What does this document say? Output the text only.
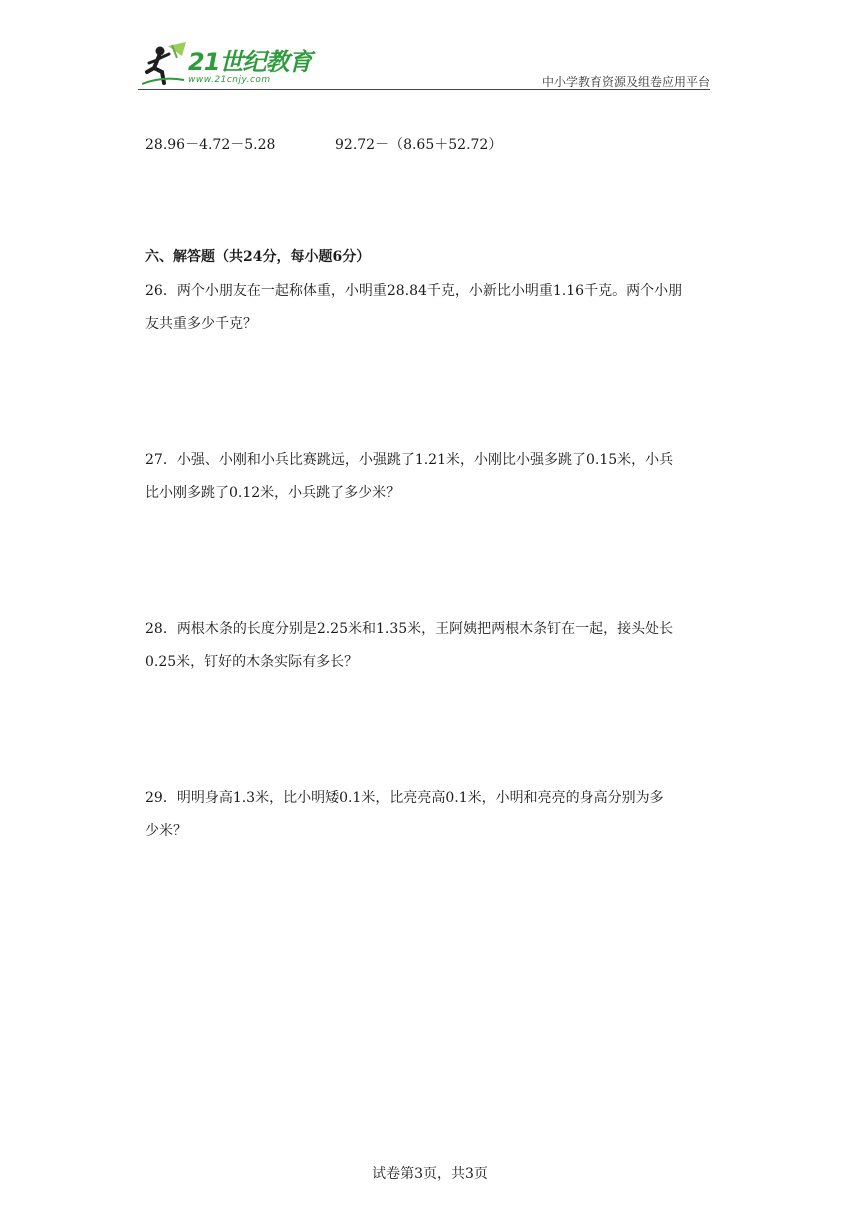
21世纪教育
www.21cnjy.com	中小学教育资源及组卷应用平台
28.96－4.72－5.28	92.72－（8.65＋52.72）
六、解答题（共24分，每小题6分）
26．两个小朋友在一起称体重，小明重28.84千克，小新比小明重1.16千克。两个小朋
友共重多少千克？
27．小强、小刚和小兵比赛跳远，小强跳了1.21米，小刚比小强多跳了0.15米，小兵
比小刚多跳了0.12米，小兵跳了多少米？
28．两根木条的长度分别是2.25米和1.35米，王阿姨把两根木条钉在一起，接头处长
0.25米，钉好的木条实际有多长？
29．明明身高1.3米，比小明矮0.1米，比亮亮高0.1米，小明和亮亮的身高分别为多
少米？
试卷第3页，共3页
